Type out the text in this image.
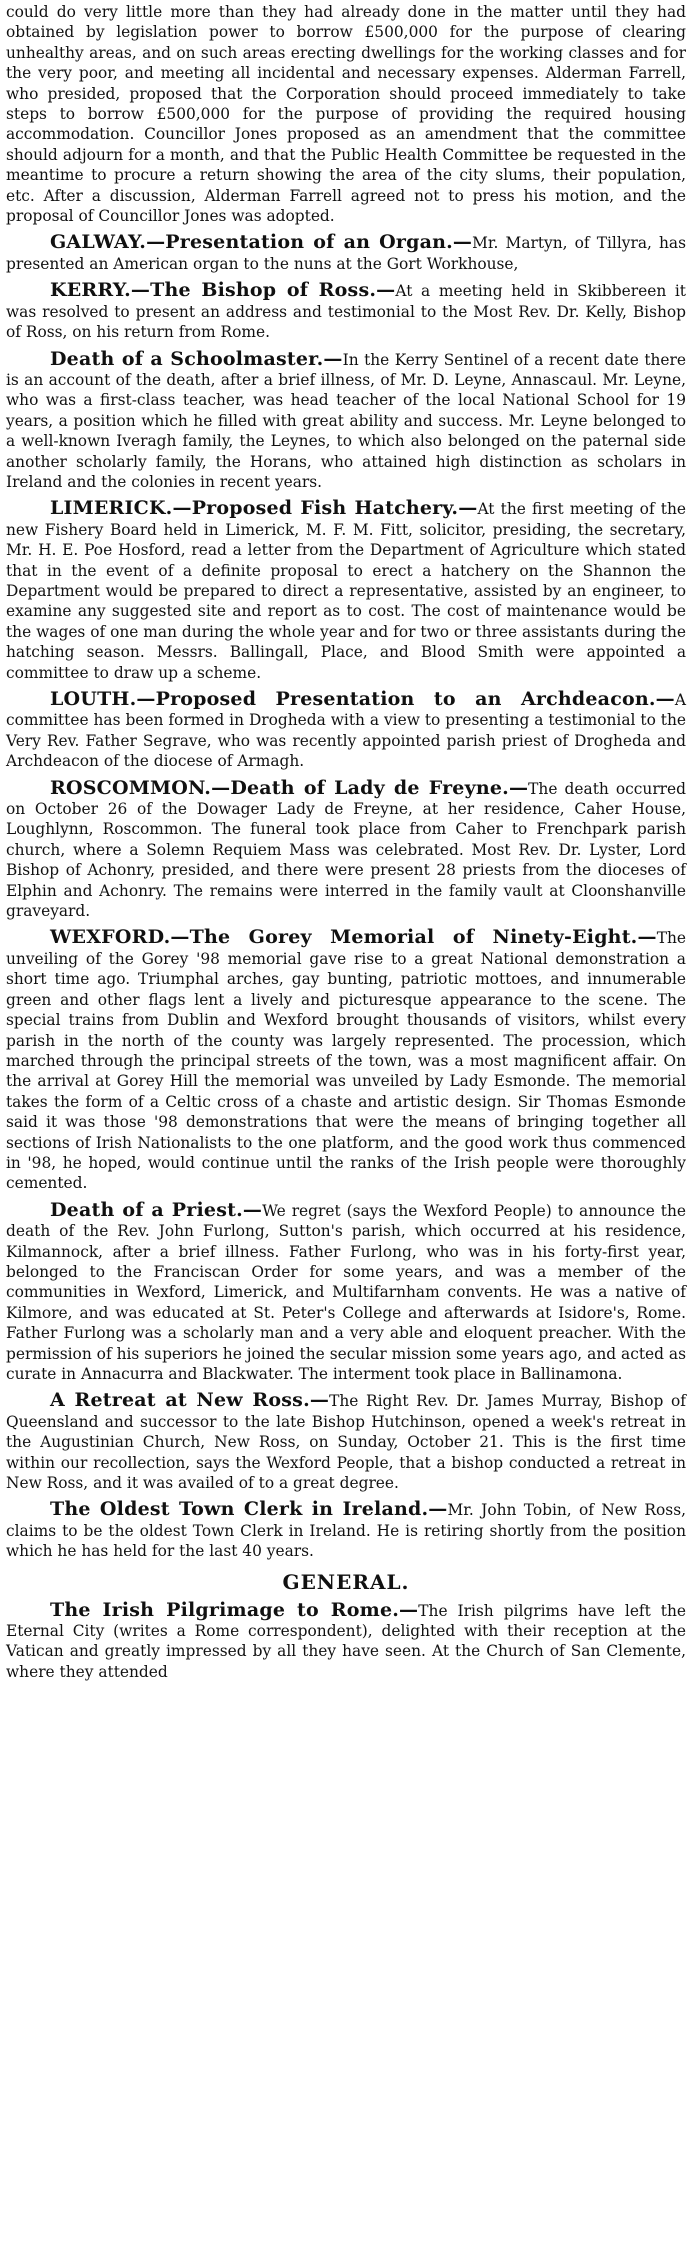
could do very little more than they had already done in the matter until they had obtained by legislation power to borrow £500,000 for the purpose of clearing unhealthy areas, and on such areas erecting dwellings for the working classes and for the very poor, and meeting all incidental and necessary expenses. Alderman Farrell, who presided, proposed that the Corporation should proceed immediately to take steps to borrow £500,000 for the purpose of providing the required housing accommodation. Councillor Jones proposed as an amendment that the committee should adjourn for a month, and that the Public Health Committee be requested in the meantime to procure a return showing the area of the city slums, their population, etc. After a discussion, Alderman Farrell agreed not to press his motion, and the proposal of Councillor Jones was adopted.

GALWAY.—Presentation of an Organ.—Mr. Martyn, of Tillyra, has presented an American organ to the nuns at the Gort Workhouse,

KERRY.—The Bishop of Ross.—At a meeting held in Skibbereen it was resolved to present an address and testimonial to the Most Rev. Dr. Kelly, Bishop of Ross, on his return from Rome.

Death of a Schoolmaster.—In the Kerry Sentinel of a recent date there is an account of the death, after a brief illness, of Mr. D. Leyne, Annascaul. Mr. Leyne, who was a first-class teacher, was head teacher of the local National School for 19 years, a position which he filled with great ability and success. Mr. Leyne belonged to a well-known Iveragh family, the Leynes, to which also belonged on the paternal side another scholarly family, the Horans, who attained high distinction as scholars in Ireland and the colonies in recent years.

LIMERICK.—Proposed Fish Hatchery.—At the first meeting of the new Fishery Board held in Limerick, M. F. M. Fitt, solicitor, presiding, the secretary, Mr. H. E. Poe Hosford, read a letter from the Department of Agriculture which stated that in the event of a definite proposal to erect a hatchery on the Shannon the Department would be prepared to direct a representative, assisted by an engineer, to examine any suggested site and report as to cost. The cost of maintenance would be the wages of one man during the whole year and for two or three assistants during the hatching season. Messrs. Ballingall, Place, and Blood Smith were appointed a committee to draw up a scheme.

LOUTH.—Proposed Presentation to an Archdeacon.—A committee has been formed in Drogheda with a view to presenting a testimonial to the Very Rev. Father Segrave, who was recently appointed parish priest of Drogheda and Archdeacon of the diocese of Armagh.

ROSCOMMON.—Death of Lady de Freyne.—The death occurred on October 26 of the Dowager Lady de Freyne, at her residence, Caher House, Loughlynn, Roscommon. The funeral took place from Caher to Frenchpark parish church, where a Solemn Requiem Mass was celebrated. Most Rev. Dr. Lyster, Lord Bishop of Achonry, presided, and there were present 28 priests from the dioceses of Elphin and Achonry. The remains were interred in the family vault at Cloonshanville graveyard.

WEXFORD.—The Gorey Memorial of Ninety-Eight.—The unveiling of the Gorey '98 memorial gave rise to a great National demonstration a short time ago. Triumphal arches, gay bunting, patriotic mottoes, and innumerable green and other flags lent a lively and picturesque appearance to the scene. The special trains from Dublin and Wexford brought thousands of visitors, whilst every parish in the north of the county was largely represented. The procession, which marched through the principal streets of the town, was a most magnificent affair. On the arrival at Gorey Hill the memorial was unveiled by Lady Esmonde. The memorial takes the form of a Celtic cross of a chaste and artistic design. Sir Thomas Esmonde said it was those '98 demonstrations that were the means of bringing together all sections of Irish Nationalists to the one platform, and the good work thus commenced in '98, he hoped, would continue until the ranks of the Irish people were thoroughly cemented.

Death of a Priest.—We regret (says the Wexford People) to announce the death of the Rev. John Furlong, Sutton's parish, which occurred at his residence, Kilmannock, after a brief illness. Father Furlong, who was in his forty-first year, belonged to the Franciscan Order for some years, and was a member of the communities in Wexford, Limerick, and Multifarnham convents. He was a native of Kilmore, and was educated at St. Peter's College and afterwards at Isidore's, Rome. Father Furlong was a scholarly man and a very able and eloquent preacher. With the permission of his superiors he joined the secular mission some years ago, and acted as curate in Annacurra and Blackwater. The interment took place in Ballinamona.

A Retreat at New Ross.—The Right Rev. Dr. James Murray, Bishop of Queensland and successor to the late Bishop Hutchinson, opened a week's retreat in the Augustinian Church, New Ross, on Sunday, October 21. This is the first time within our recollection, says the Wexford People, that a bishop conducted a retreat in New Ross, and it was availed of to a great degree.

The Oldest Town Clerk in Ireland.—Mr. John Tobin, of New Ross, claims to be the oldest Town Clerk in Ireland. He is retiring shortly from the position which he has held for the last 40 years.

GENERAL.

The Irish Pilgrimage to Rome.—The Irish pilgrims have left the Eternal City (writes a Rome correspondent), delighted with their reception at the Vatican and greatly impressed by all they have seen. At the Church of San Clemente, where they attended
